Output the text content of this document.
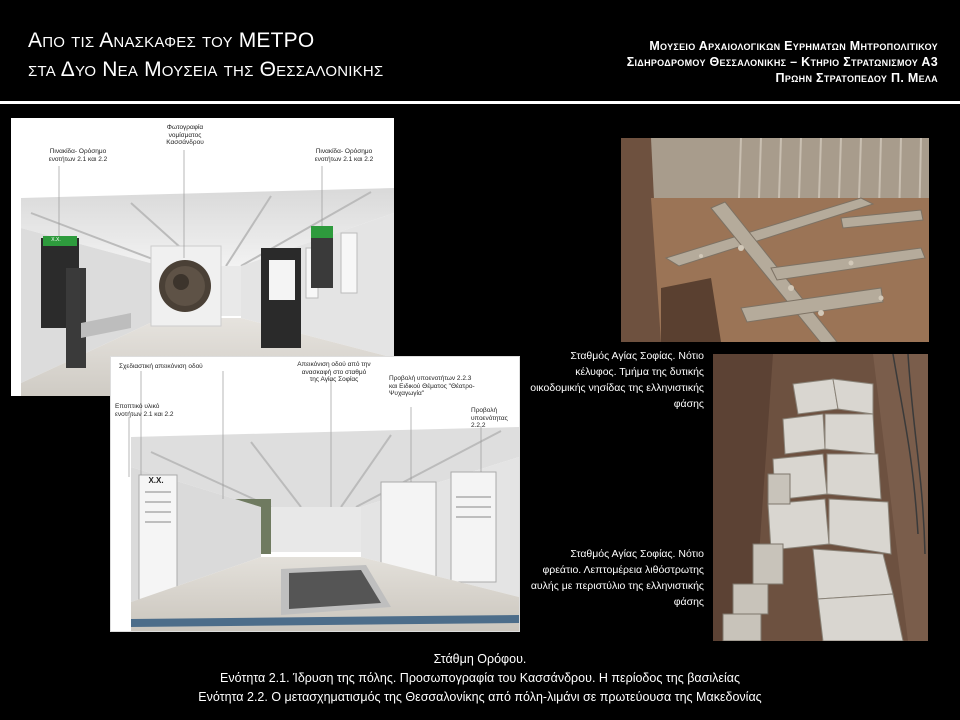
Απο τις Ανασκαφες του ΜΕΤΡΟ
στα Δυο Νεα Μουσεια της Θεσσαλονικης
Μουσειο Αρχαιολογικων Ευρηματων Μητροπολιτικου
Σιδηροδρομου Θεσσαλονικης – Κτηριο Στρατωνισμου Α3
Πρωην Στρατοπεδου Π. Μελα
Πινακίδα- Ορόσημο ενοτήτων 2.1 και 2.2
Φωτογραφία νομίσματος Κασσάνδρου
Πινακίδα- Ορόσημο ενοτήτων 2.1 και 2.2
Χ.Χ.
Σχεδιαστική απεικόνιση οδού	Απεικόνιση οδού από την ανασκαφή στο σταθμό της Αγίας Σοφίας	Προβολή υποενοτήτων 2.2.3 και Ειδικού Θέματος "Θέατρο-Ψυχαγωγία"
Εποπτικό υλικό ενοτήτων 2.1 και 2.2	Προβολή υποενότητας 2.2.2
Χ.Χ.
Σταθμός Αγίας Σοφίας. Νότιο κέλυφος. Τμήμα της δυτικής οικοδομικής νησίδας της ελληνιστικής φάσης
Σταθμός Αγίας Σοφίας. Νότιο φρεάτιο. Λεπτομέρεια λιθόστρωτης αυλής με περιστύλιο της ελληνιστικής φάσης
Στάθμη Ορόφου.
Ενότητα 2.1. Ίδρυση της πόλης. Προσωπογραφία του Κασσάνδρου. Η περίοδος της βασιλείας
Ενότητα 2.2. Ο μετασχηματισμός της Θεσσαλονίκης από πόλη-λιμάνι σε πρωτεύουσα της Μακεδονίας
